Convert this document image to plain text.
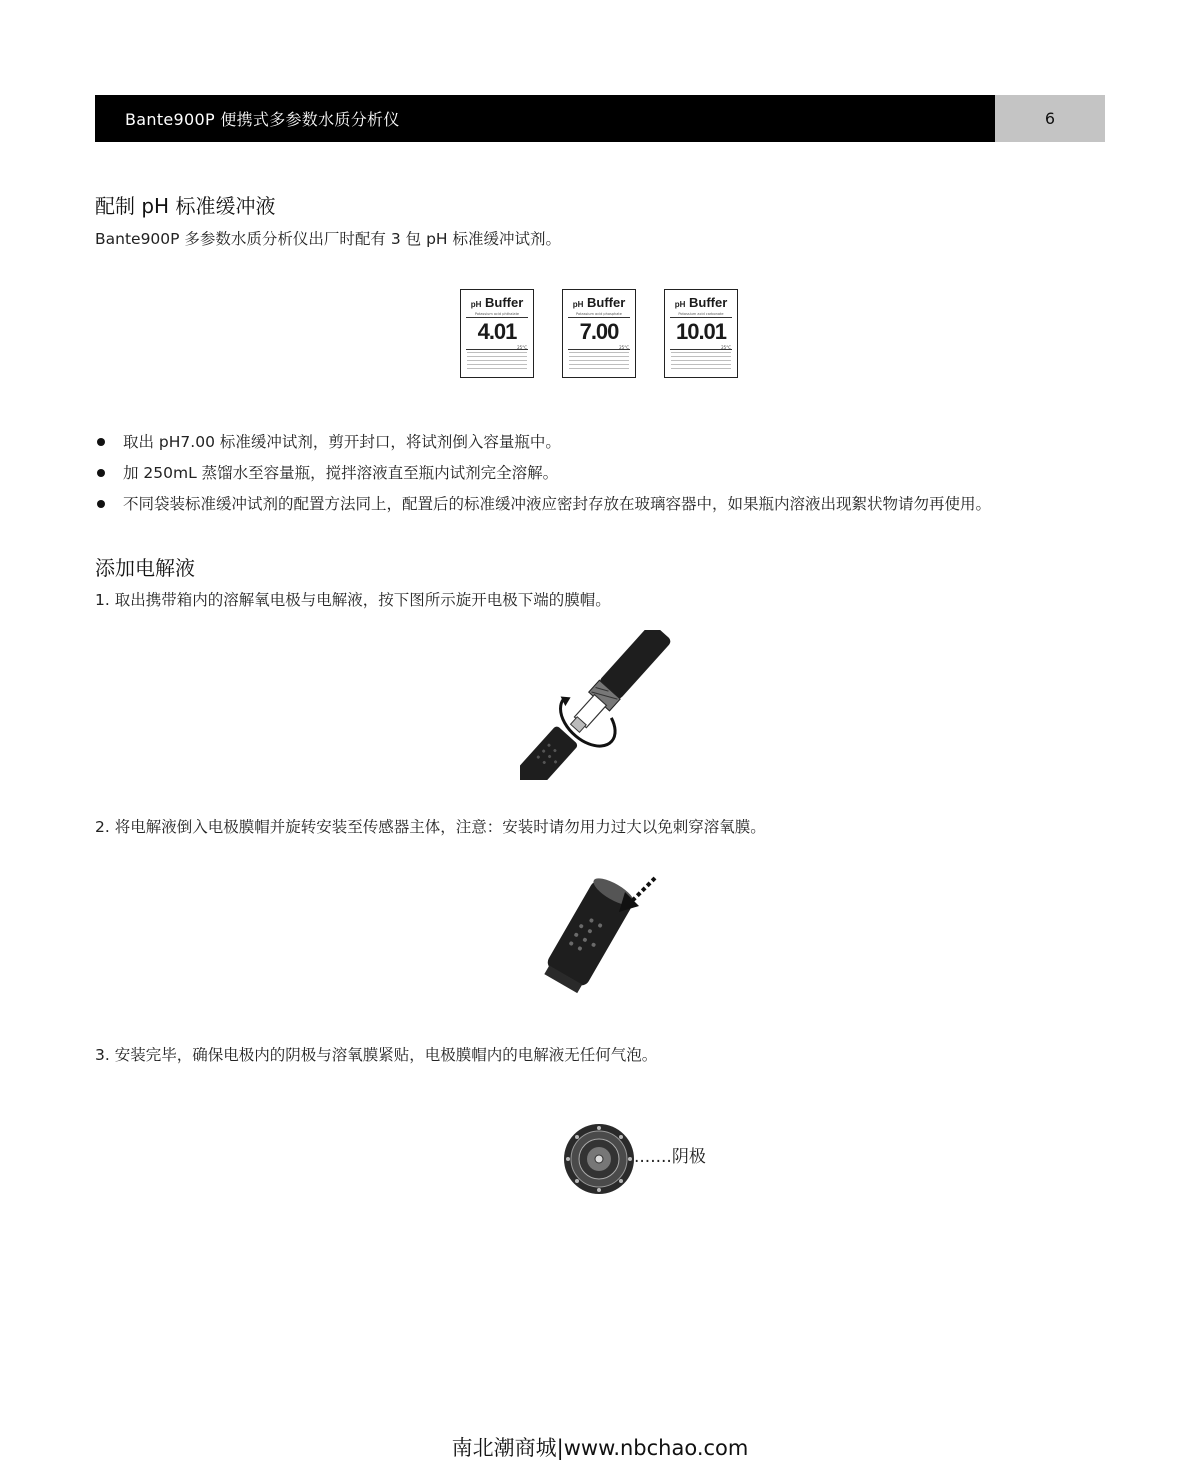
Bante900P 便携式多参数水质分析仪	6
配制 pH 标准缓冲液
Bante900P 多参数水质分析仪出厂时配有 3 包 pH 标准缓冲试剂。
pH Buffer
Potassium acid phthalate
4.01
25°C
pH Buffer
Potassium acid phosphate
7.00
25°C
pH Buffer
Potassium acid carbonate
10.01
25°C
取出 pH7.00 标准缓冲试剂，剪开封口，将试剂倒入容量瓶中。
加 250mL 蒸馏水至容量瓶，搅拌溶液直至瓶内试剂完全溶解。
不同袋装标准缓冲试剂的配置方法同上，配置后的标准缓冲液应密封存放在玻璃容器中，如果瓶内溶液出现絮状物请勿再使用。
添加电解液
1. 取出携带箱内的溶解氧电极与电解液，按下图所示旋开电极下端的膜帽。
2. 将电解液倒入电极膜帽并旋转安装至传感器主体，注意：安装时请勿用力过大以免刺穿溶氧膜。
3. 安装完毕，确保电极内的阴极与溶氧膜紧贴，电极膜帽内的电解液无任何气泡。
.......阴极
南北潮商城|www.nbchao.com
